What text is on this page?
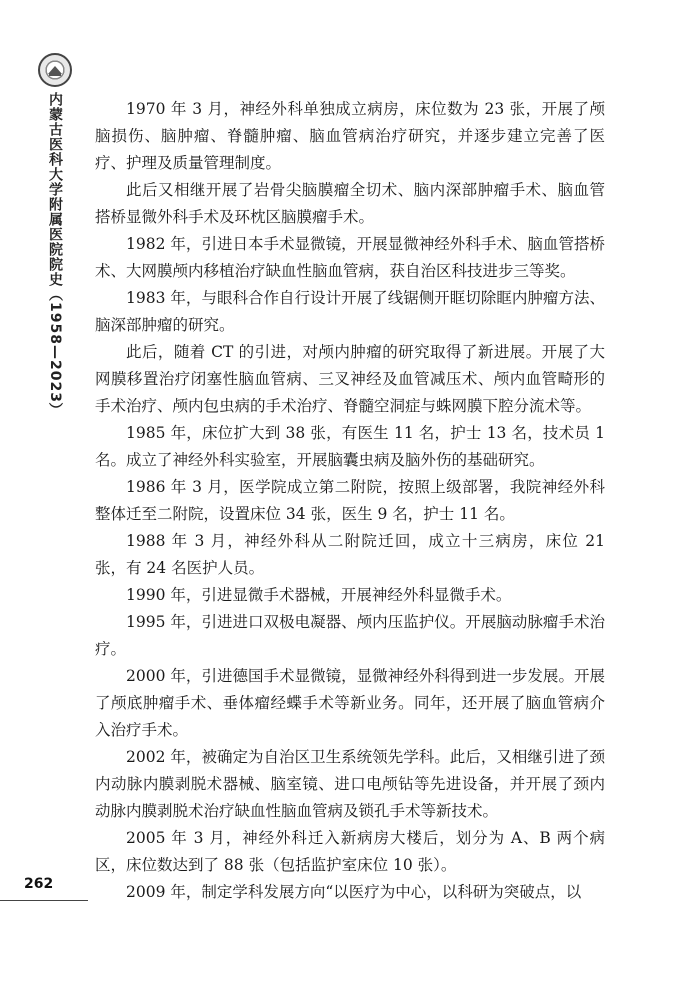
内蒙古医科大学附属医院院史（1958—2023）	1970 年 3 月，神经外科单独成立病房，床位数为 23 张，开展了颅脑损伤、脑肿瘤、脊髓肿瘤、脑血管病治疗研究，并逐步建立完善了医疗、护理及质量管理制度。

此后又相继开展了岩骨尖脑膜瘤全切术、脑内深部肿瘤手术、脑血管搭桥显微外科手术及环枕区脑膜瘤手术。

1982 年，引进日本手术显微镜，开展显微神经外科手术、脑血管搭桥术、大网膜颅内移植治疗缺血性脑血管病，获自治区科技进步三等奖。

1983 年，与眼科合作自行设计开展了线锯侧开眶切除眶内肿瘤方法、脑深部肿瘤的研究。

此后，随着 CT 的引进，对颅内肿瘤的研究取得了新进展。开展了大网膜移置治疗闭塞性脑血管病、三叉神经及血管减压术、颅内血管畸形的手术治疗、颅内包虫病的手术治疗、脊髓空洞症与蛛网膜下腔分流术等。

1985 年，床位扩大到 38 张，有医生 11 名，护士 13 名，技术员 1 名。成立了神经外科实验室，开展脑囊虫病及脑外伤的基础研究。

1986 年 3 月，医学院成立第二附院，按照上级部署，我院神经外科整体迁至二附院，设置床位 34 张，医生 9 名，护士 11 名。

1988 年 3 月，神经外科从二附院迁回，成立十三病房，床位 21 张，有 24 名医护人员。

1990 年，引进显微手术器械，开展神经外科显微手术。

1995 年，引进进口双极电凝器、颅内压监护仪。开展脑动脉瘤手术治疗。

2000 年，引进德国手术显微镜，显微神经外科得到进一步发展。开展了颅底肿瘤手术、垂体瘤经蝶手术等新业务。同年，还开展了脑血管病介入治疗手术。

2002 年，被确定为自治区卫生系统领先学科。此后，又相继引进了颈内动脉内膜剥脱术器械、脑室镜、进口电颅钻等先进设备，并开展了颈内动脉内膜剥脱术治疗缺血性脑血管病及锁孔手术等新技术。

2005 年 3 月，神经外科迁入新病房大楼后，划分为 A、B 两个病区，床位数达到了 88 张（包括监护室床位 10 张）。

2009 年，制定学科发展方向“以医疗为中心，以科研为突破点，以

262
